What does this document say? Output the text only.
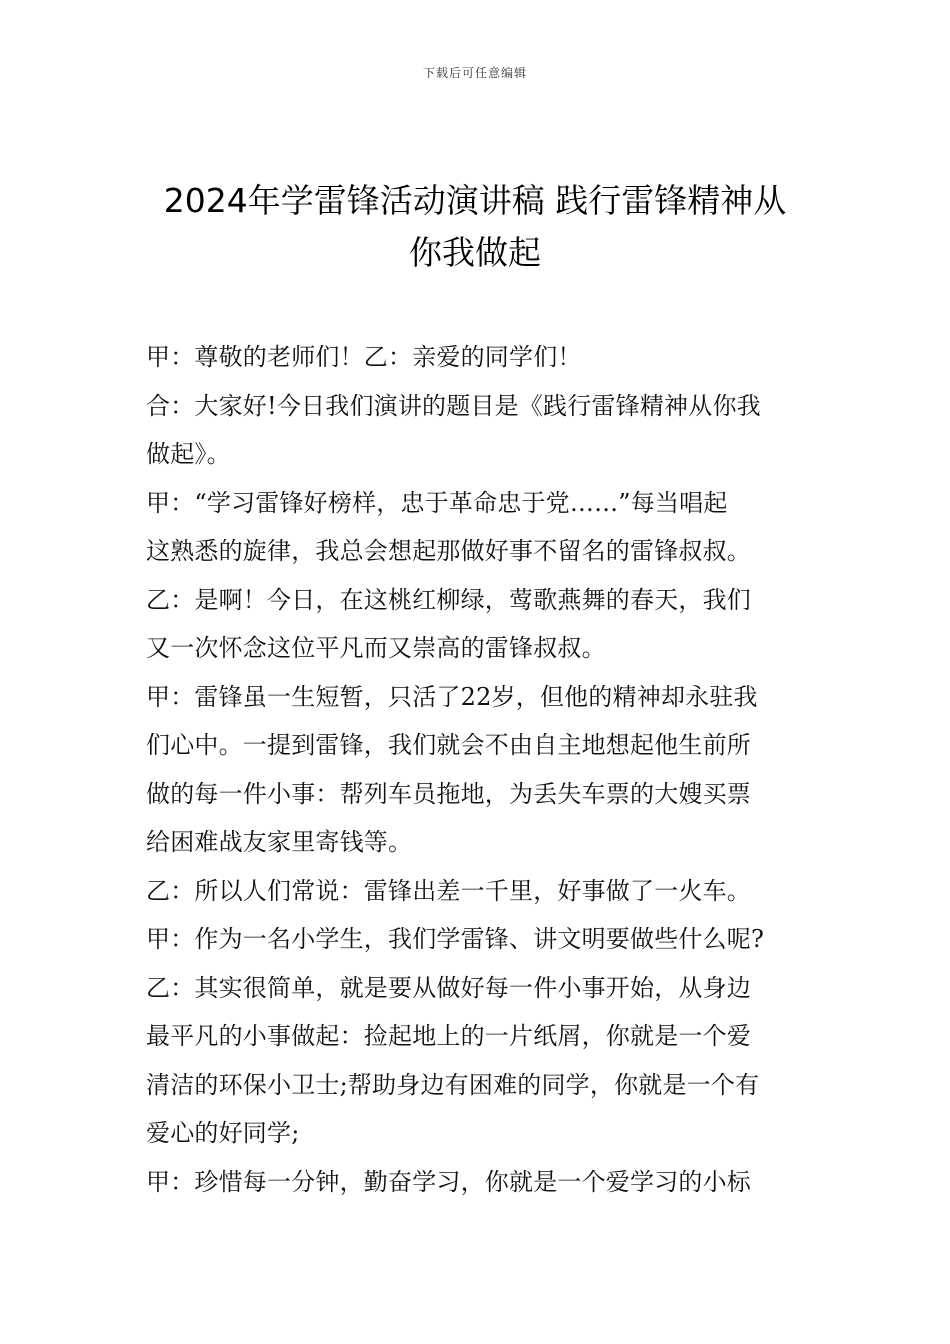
下载后可任意编辑
2024年学雷锋活动演讲稿 践行雷锋精神从
你我做起

甲：尊敬的老师们！乙：亲爱的同学们！

合：大家好!今日我们演讲的题目是《践行雷锋精神从你我

做起》。

甲：“学习雷锋好榜样，忠于革命忠于党……”每当唱起

这熟悉的旋律，我总会想起那做好事不留名的雷锋叔叔。

乙：是啊！今日，在这桃红柳绿，莺歌燕舞的春天，我们

又一次怀念这位平凡而又崇高的雷锋叔叔。

甲：雷锋虽一生短暂，只活了22岁，但他的精神却永驻我

们心中。一提到雷锋，我们就会不由自主地想起他生前所

做的每一件小事：帮列车员拖地，为丢失车票的大嫂买票

给困难战友家里寄钱等。

乙：所以人们常说：雷锋出差一千里，好事做了一火车。

甲：作为一名小学生，我们学雷锋、讲文明要做些什么呢?

乙：其实很简单，就是要从做好每一件小事开始，从身边

最平凡的小事做起：捡起地上的一片纸屑，你就是一个爱

清洁的环保小卫士;帮助身边有困难的同学，你就是一个有

爱心的好同学;

甲：珍惜每一分钟，勤奋学习，你就是一个爱学习的小标
